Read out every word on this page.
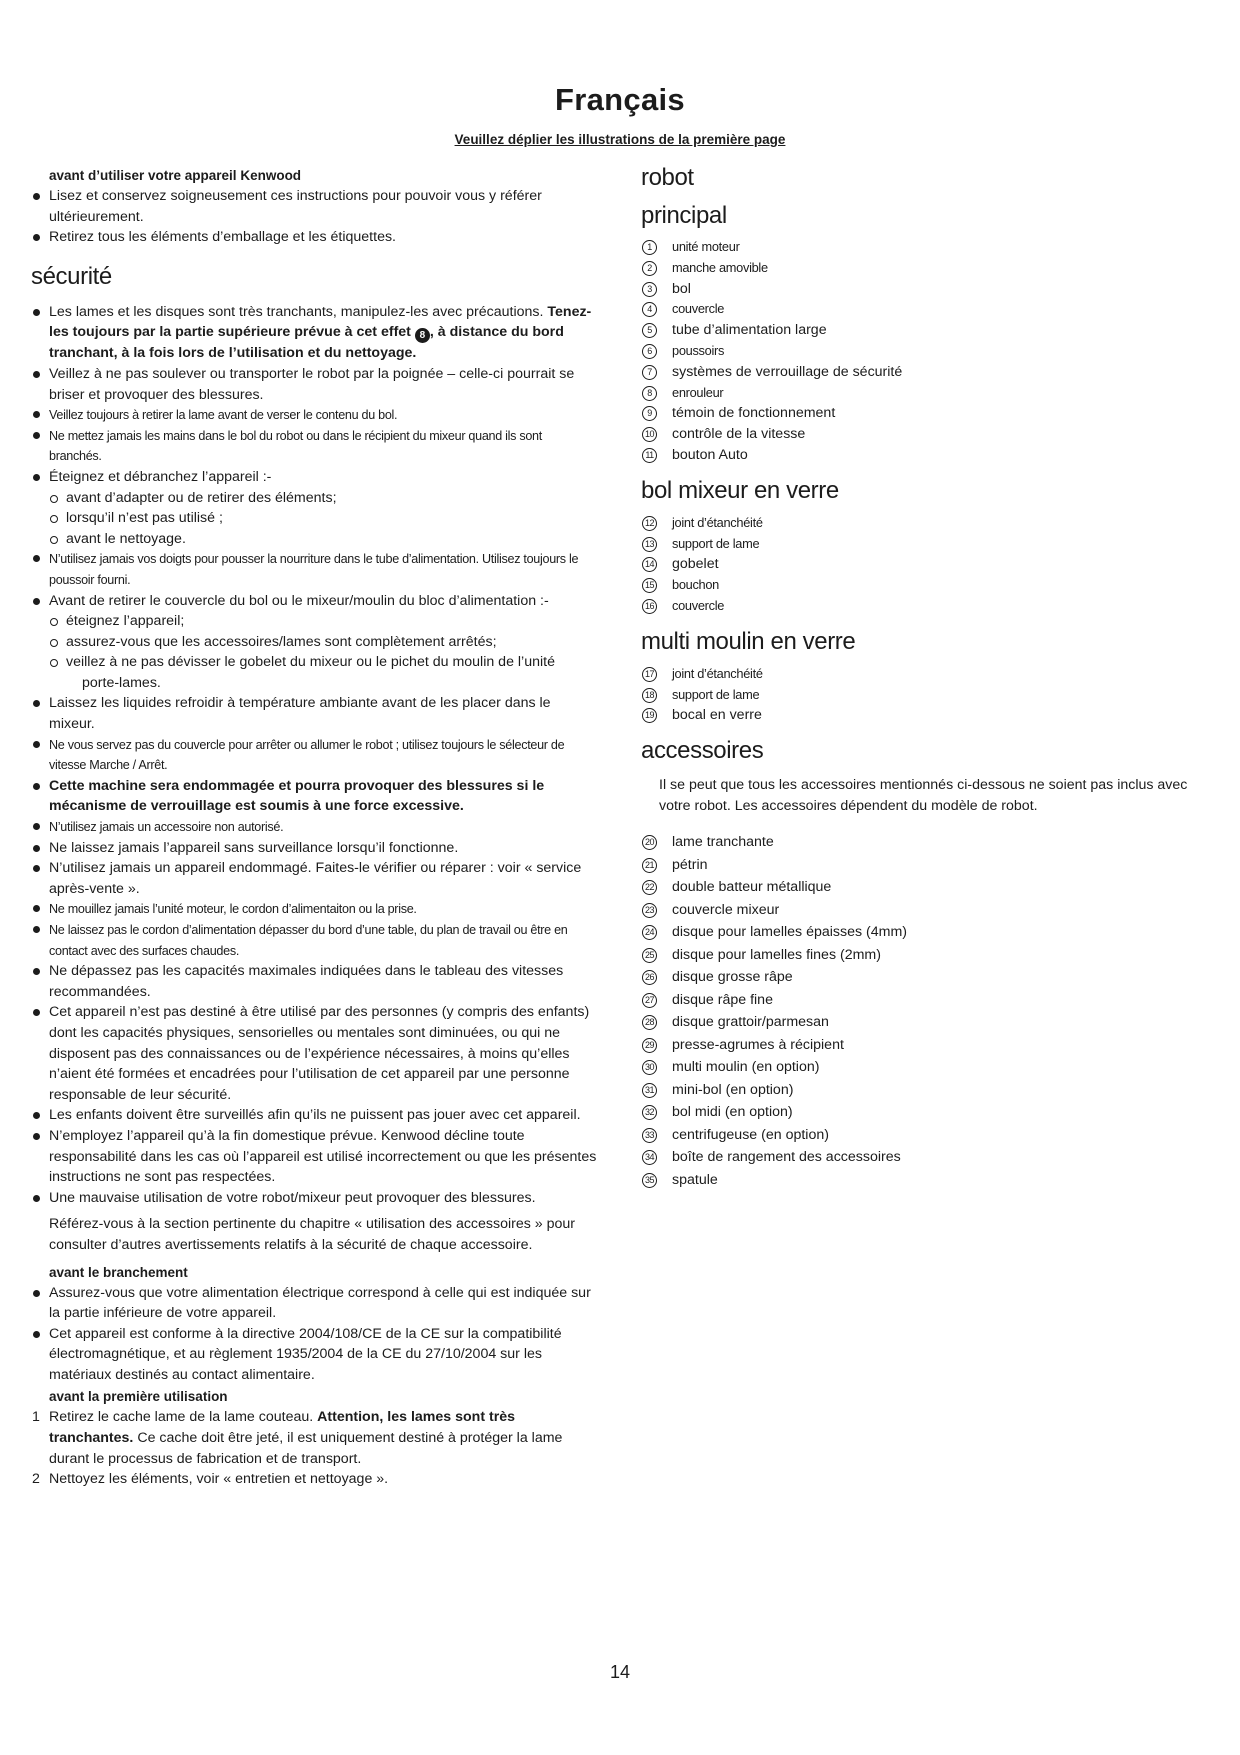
Français
Veuillez déplier les illustrations de la première page
avant d’utiliser votre appareil Kenwood
Lisez et conservez soigneusement ces instructions pour pouvoir vous y référer ultérieurement.
Retirez tous les éléments d’emballage et les étiquettes.
sécurité
Les lames et les disques sont très tranchants, manipulez-les avec précautions. Tenez-les toujours par la partie supérieure prévue à cet effet 8 , à distance du bord tranchant, à la fois lors de l’utilisation et du nettoyage.
Veillez à ne pas soulever ou transporter le robot par la poignée – celle-ci pourrait se briser et provoquer des blessures.
Veillez toujours à retirer la lame avant de verser le contenu du bol.
Ne mettez jamais les mains dans le bol du robot ou dans le récipient du mixeur quand ils sont branchés.
Éteignez et débranchez l’appareil :-
avant d’adapter ou de retirer des éléments;
lorsqu’il n’est pas utilisé ;
avant le nettoyage.
N’utilisez jamais vos doigts pour pousser la nourriture dans le tube d’alimentation. Utilisez toujours le poussoir fourni.
Avant de retirer le couvercle du bol ou le mixeur/moulin du bloc d’alimentation :-
éteignez l’appareil;
assurez-vous que les accessoires/lames sont complètement arrêtés;
veillez à ne pas dévisser le gobelet du mixeur ou le pichet du moulin de l’unité
porte-lames.
Laissez les liquides refroidir à température ambiante avant de les placer dans le mixeur.
Ne vous servez pas du couvercle pour arrêter ou allumer le robot ; utilisez toujours le sélecteur de vitesse Marche / Arrêt.
Cette machine sera endommagée et pourra provoquer des blessures si le mécanisme de verrouillage est soumis à une force excessive.
N’utilisez jamais un accessoire non autorisé.
Ne laissez jamais l’appareil sans surveillance lorsqu’il fonctionne.
N’utilisez jamais un appareil endommagé. Faites-le vérifier ou réparer : voir « service après-vente ».
Ne mouillez jamais l’unité moteur, le cordon d’alimentaiton ou la prise.
Ne laissez pas le cordon d’alimentation dépasser du bord d’une table, du plan de travail ou être en contact avec des surfaces chaudes.
Ne dépassez pas les capacités maximales indiquées dans le tableau des vitesses recommandées.
Cet appareil n’est pas destiné à être utilisé par des personnes (y compris des enfants) dont les capacités physiques, sensorielles ou mentales sont diminuées, ou qui ne disposent pas des connaissances ou de l’expérience nécessaires, à moins qu’elles n’aient été formées et encadrées pour l’utilisation de cet appareil par une personne responsable de leur sécurité.
Les enfants doivent être surveillés afin qu’ils ne puissent pas jouer avec cet appareil.
N’employez l’appareil qu’à la fin domestique prévue. Kenwood décline toute responsabilité dans les cas où l’appareil est utilisé incorrectement ou que les présentes instructions ne sont pas respectées.
Une mauvaise utilisation de votre robot/mixeur peut provoquer des blessures.
Référez-vous à la section pertinente du chapitre « utilisation des accessoires » pour consulter d’autres avertissements relatifs à la sécurité de chaque accessoire.
avant le branchement
Assurez-vous que votre alimentation électrique correspond à celle qui est indiquée sur la partie inférieure de votre appareil.
Cet appareil est conforme à la directive 2004/108/CE de la CE sur la compatibilité électromagnétique, et au règlement 1935/2004 de la CE du 27/10/2004 sur les matériaux destinés au contact alimentaire.
avant la première utilisation
1 Retirez le cache lame de la lame couteau. Attention, les lames sont très tranchantes. Ce cache doit être jeté, il est uniquement destiné à protéger la lame durant le processus de fabrication et de transport.
2 Nettoyez les éléments, voir « entretien et nettoyage ».
robot
principal
1	unité moteur
2	manche amovible
3	bol
4	couvercle
5	tube d’alimentation large
6	poussoirs
7	systèmes de verrouillage de sécurité
8	enrouleur
9	témoin de fonctionnement
10 contrôle de la vitesse
11 bouton Auto
bol mixeur en verre
12 joint d’étanchéité
13 support de lame
14 gobelet
15 bouchon
16 couvercle
multi moulin en verre
17 joint d’étanchéité
18 support de lame
19 bocal en verre
accessoires
Il se peut que tous les accessoires mentionnés ci-dessous ne soient pas inclus avec votre robot. Les accessoires dépendent du modèle de robot.
20 lame tranchante
21 pétrin
22 double batteur métallique
23 couvercle mixeur
24 disque pour lamelles épaisses (4mm)
25 disque pour lamelles fines (2mm)
26 disque grosse râpe
27 disque râpe fine
28 disque grattoir/parmesan
29 presse-agrumes à récipient
30 multi moulin (en option)
31 mini-bol (en option)
32 bol midi (en option)
33 centrifugeuse (en option)
34 boîte de rangement des accessoires
35 spatule
14
